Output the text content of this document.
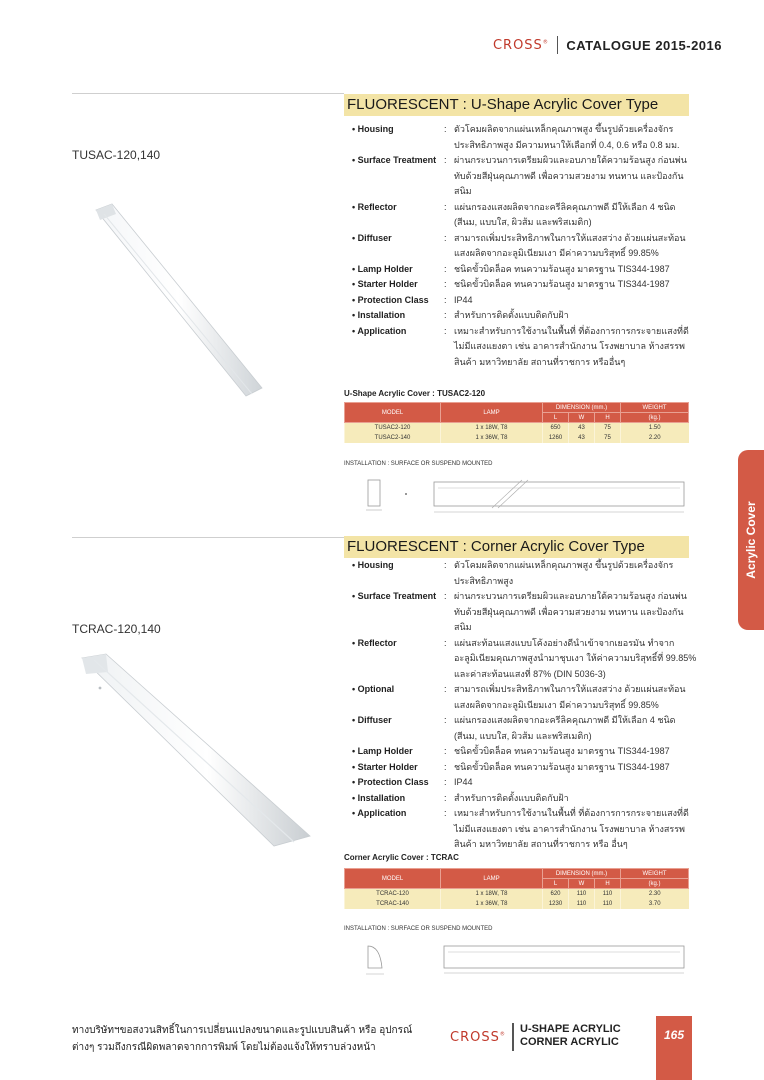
CROSS® CATALOGUE 2015-2016
Acrylic Cover
FLUORESCENT : U-Shape Acrylic Cover Type
TUSAC-120,140
• Housing	: ตัวโคมผลิตจากแผ่นเหล็กคุณภาพสูง ขึ้นรูปด้วยเครื่องจักรประสิทธิภาพสูง มีความหนาให้เลือกที่ 0.4, 0.6 หรือ 0.8 มม.
• Surface Treatment : ผ่านกระบวนการเตรียมผิวและอบภายใต้ความร้อนสูง ก่อนพ่นทับด้วยสีฝุ่นคุณภาพดี เพื่อความสวยงาม ทนทาน และป้องกันสนิม
• Reflector	: แผ่นกรองแสงผลิตจากอะครีลิคคุณภาพดี มีให้เลือก 4 ชนิด (สีนม, แบบใส, ผิวส้ม และพริสเมติก)
• Diffuser	: สามารถเพิ่มประสิทธิภาพในการให้แสงสว่าง ด้วยแผ่นสะท้อนแสงผลิตจากอะลูมิเนียมเงา มีค่าความบริสุทธิ์ 99.85%
• Lamp Holder	: ชนิดขั้วบิดล็อค ทนความร้อนสูง มาตรฐาน TIS344-1987
• Starter Holder	: ชนิดขั้วบิดล็อค ทนความร้อนสูง มาตรฐาน TIS344-1987
• Protection Class	: IP44
• Installation	: สำหรับการติดตั้งแบบติดกับฝ้า
• Application	: เหมาะสำหรับการใช้งานในพื้นที่ ที่ต้องการการกระจายแสงที่ดี ไม่มีแสงแยงตา เช่น อาคารสำนักงาน โรงพยาบาล ห้างสรรพสินค้า มหาวิทยาลัย สถานที่ราชการ หรืออื่นๆ
U-Shape Acrylic Cover : TUSAC2-120
MODEL	LAMP	DIMENSION (mm.)			WEIGHT
		L	W	H	(kg.)
TUSAC2-120	1 x 18W, T8	650	43	75	1.50
TUSAC2-140	1 x 36W, T8	1260	43	75	2.20
INSTALLATION : SURFACE OR SUSPEND MOUNTED
FLUORESCENT : Corner Acrylic Cover Type
TCRAC-120,140
• Housing	: ตัวโคมผลิตจากแผ่นเหล็กคุณภาพสูง ขึ้นรูปด้วยเครื่องจักรประสิทธิภาพสูง
• Surface Treatment : ผ่านกระบวนการเตรียมผิวและอบภายใต้ความร้อนสูง ก่อนพ่นทับด้วยสีฝุ่นคุณภาพดี เพื่อความสวยงาม ทนทาน และป้องกันสนิม
• Reflector	: แผ่นสะท้อนแสงแบบโค้งอย่างดีนำเข้าจากเยอรมัน ทำจากอะลูมิเนียมคุณภาพสูงนำมาชุบเงา ให้ค่าความบริสุทธิ์ที่ 99.85% และค่าสะท้อนแสงที่ 87% (DIN 5036-3)
• Optional	: สามารถเพิ่มประสิทธิภาพในการให้แสงสว่าง ด้วยแผ่นสะท้อนแสงผลิตจากอะลูมิเนียมเงา มีค่าความบริสุทธิ์ 99.85%
• Diffuser	: แผ่นกรองแสงผลิตจากอะครีลิคคุณภาพดี มีให้เลือก 4 ชนิด (สีนม, แบบใส, ผิวส้ม และพริสเมติก)
• Lamp Holder	: ชนิดขั้วบิดล็อค ทนความร้อนสูง มาตรฐาน TIS344-1987
• Starter Holder	: ชนิดขั้วบิดล็อค ทนความร้อนสูง มาตรฐาน TIS344-1987
• Protection Class	: IP44
• Installation	: สำหรับการติดตั้งแบบติดกับฝ้า
• Application	: เหมาะสำหรับการใช้งานในพื้นที่ ที่ต้องการการกระจายแสงที่ดี ไม่มีแสงแยงตา เช่น อาคารสำนักงาน โรงพยาบาล ห้างสรรพสินค้า มหาวิทยาลัย สถานที่ราชการ หรือ อื่นๆ
Corner Acrylic Cover : TCRAC
MODEL	LAMP	DIMENSION (mm.)			WEIGHT
		L	W	H	(kg.)
TCRAC-120	1 x 18W, T8	620	110	110	2.30
TCRAC-140	1 x 36W, T8	1230	110	110	3.70
INSTALLATION : SURFACE OR SUSPEND MOUNTED
ทางบริษัทฯขอสงวนสิทธิ์ในการเปลี่ยนแปลงขนาดและรูปแบบสินค้า หรือ อุปกรณ์
ต่างๆ รวมถึงกรณีผิดพลาดจากการพิมพ์ โดยไม่ต้องแจ้งให้ทราบล่วงหน้า
CROSS® U-SHAPE ACRYLIC
CORNER ACRYLIC	165
